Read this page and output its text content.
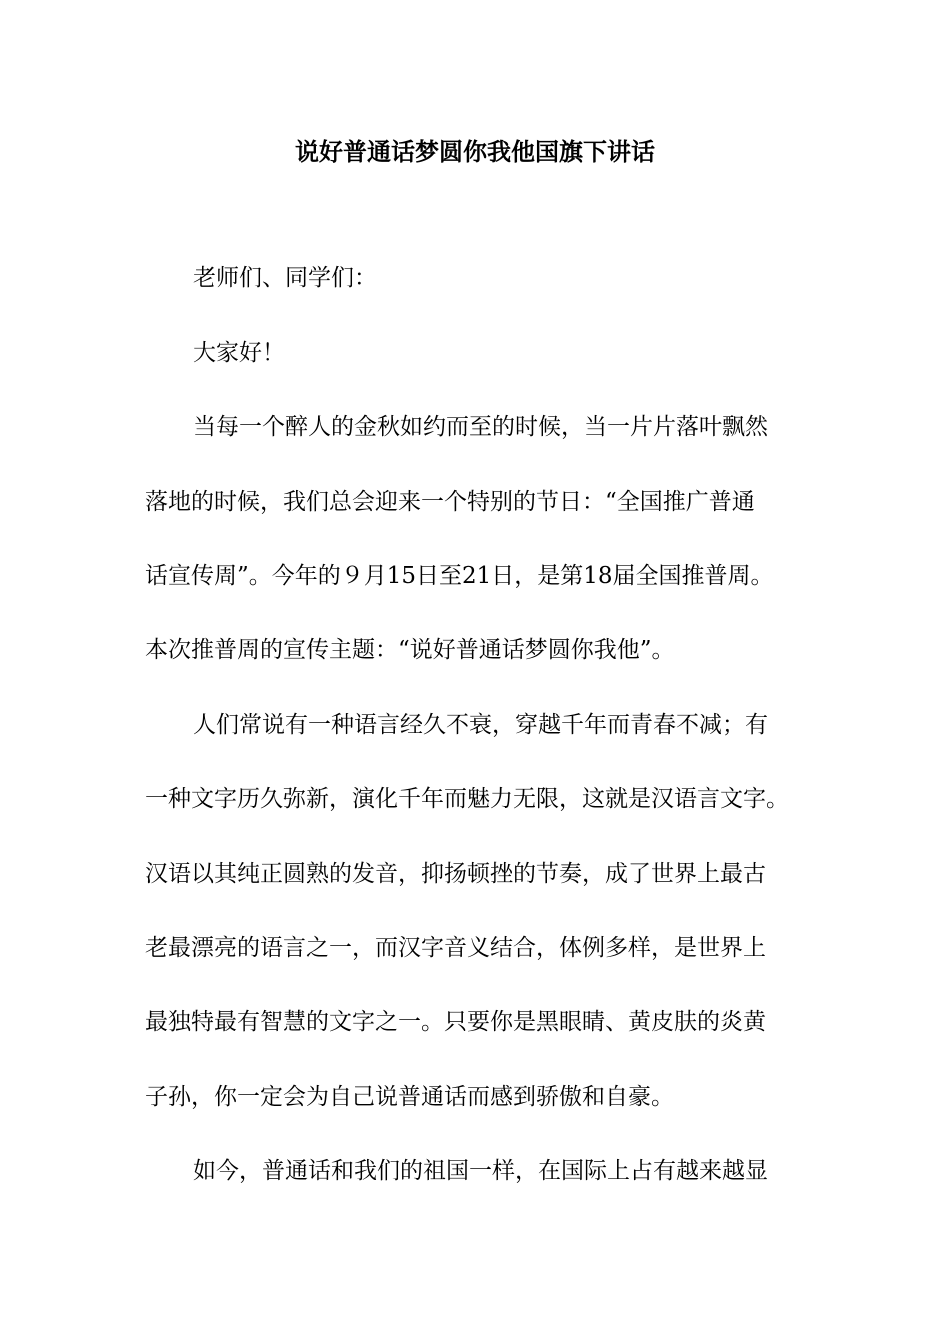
说好普通话梦圆你我他国旗下讲话
老师们、同学们：
大家好！
当每一个醉人的金秋如约而至的时候，当一片片落叶飘然
落地的时候，我们总会迎来一个特别的节日：“全国推广普通
话宣传周”。今年的９月15日至21日，是第18届全国推普周。
本次推普周的宣传主题：“说好普通话梦圆你我他”。
人们常说有一种语言经久不衰，穿越千年而青春不减；有
一种文字历久弥新，演化千年而魅力无限，这就是汉语言文字。
汉语以其纯正圆熟的发音，抑扬顿挫的节奏，成了世界上最古
老最漂亮的语言之一，而汉字音义结合，体例多样，是世界上
最独特最有智慧的文字之一。只要你是黑眼睛、黄皮肤的炎黄
子孙，你一定会为自己说普通话而感到骄傲和自豪。
如今，普通话和我们的祖国一样，在国际上占有越来越显
